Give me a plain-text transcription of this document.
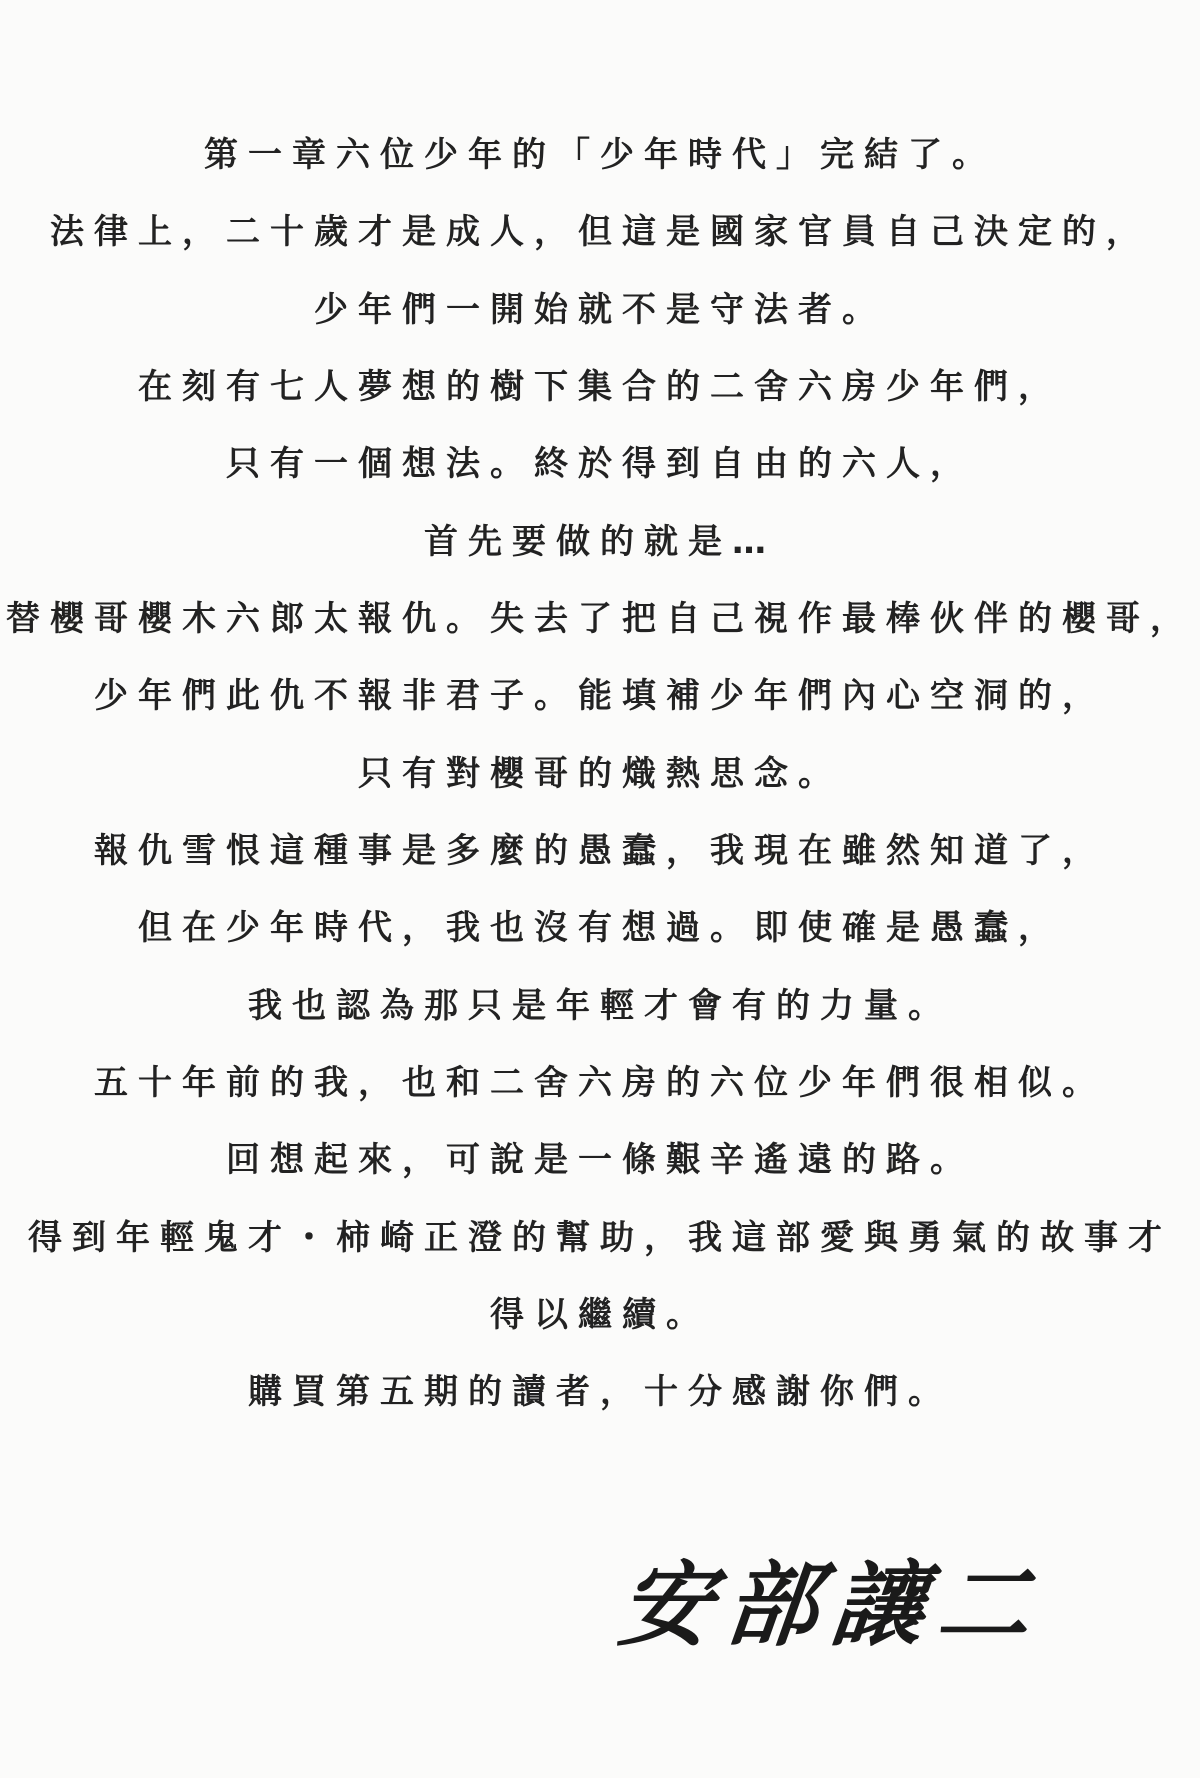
第一章六位少年的「少年時代」完結了。
法律上，二十歲才是成人，但這是國家官員自己決定的，
少年們一開始就不是守法者。
在刻有七人夢想的樹下集合的二舍六房少年們，
只有一個想法。終於得到自由的六人，
首先要做的就是…
替櫻哥櫻木六郎太報仇。失去了把自己視作最棒伙伴的櫻哥，
少年們此仇不報非君子。能填補少年們內心空洞的，
只有對櫻哥的熾熱思念。
報仇雪恨這種事是多麼的愚蠢，我現在雖然知道了，
但在少年時代，我也沒有想過。即使確是愚蠢，
我也認為那只是年輕才會有的力量。
五十年前的我，也和二舍六房的六位少年們很相似。
回想起來，可說是一條艱辛遙遠的路。
得到年輕鬼才・柿崎正澄的幫助，我這部愛與勇氣的故事才
得以繼續。
購買第五期的讀者，十分感謝你們。
安部讓二
